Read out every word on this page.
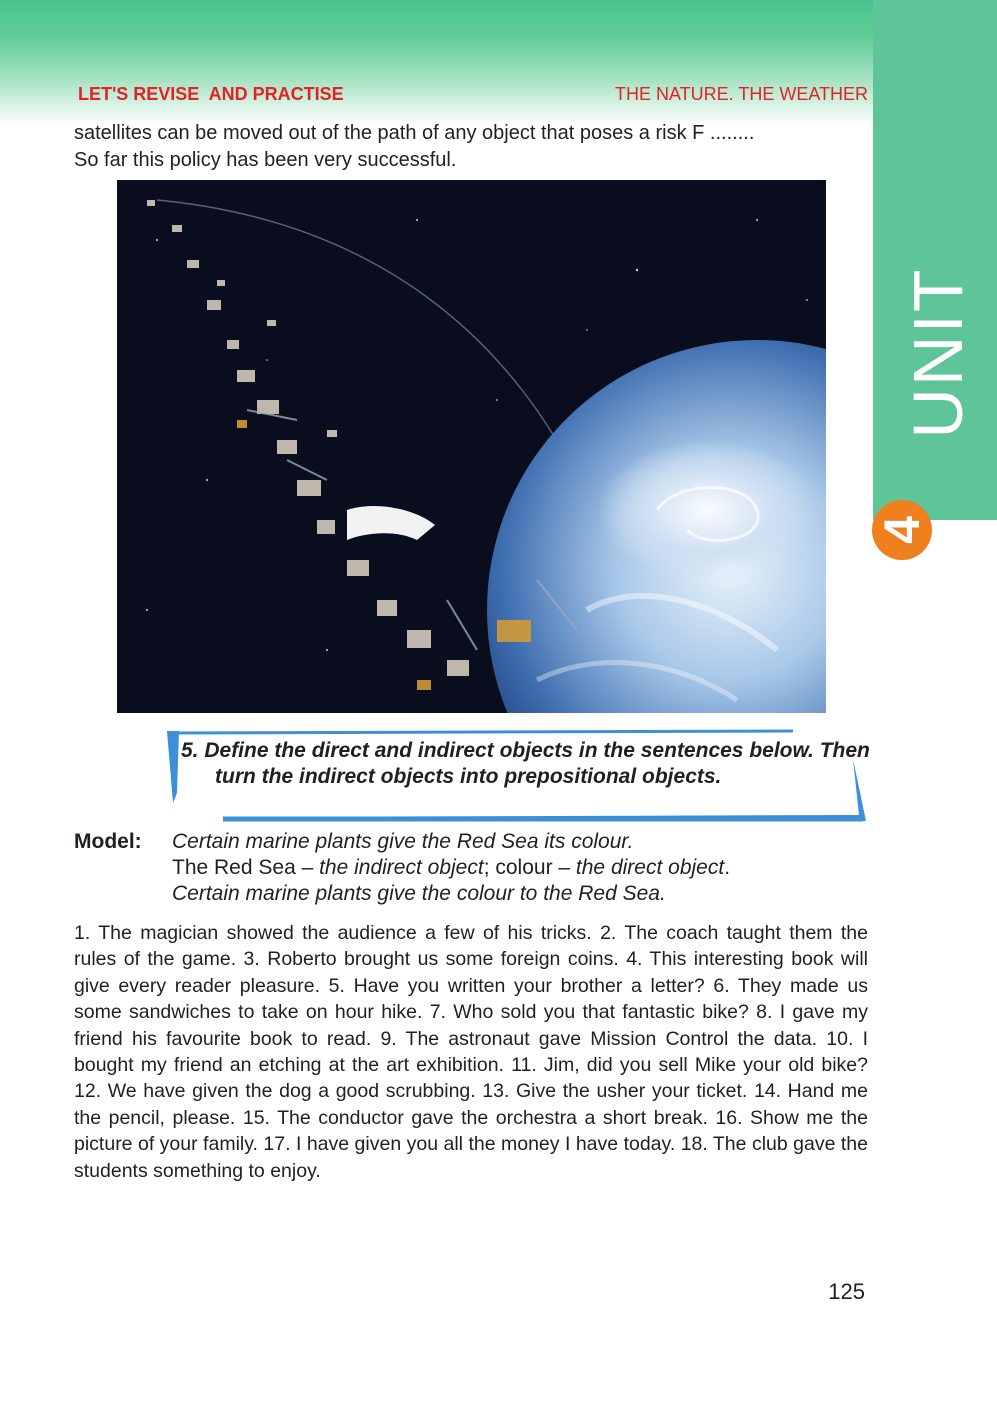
UNIT
4
LET'S REVISE  AND PRACTISE	THE NATURE. THE WEATHER

satellites can be moved out of the path of any object that poses a risk F ........

So far this policy has been very successful.

5. Define the direct and indirect objects in the sentences below. Then turn the indirect objects into prepositional objects.
Model: Certain marine plants give the Red Sea its colour.
The Red Sea – the indirect object; colour – the direct object.
Certain marine plants give the colour to the Red Sea.

1. The magician showed the audience a few of his tricks. 2. The coach taught them the rules of the game. 3. Roberto brought us some foreign coins. 4. This interesting book will give every reader pleasure. 5. Have you written your brother a letter? 6. They made us some sandwiches to take on hour hike. 7. Who sold you that fantastic bike? 8. I gave my friend his favourite book to read. 9. The astronaut gave Mission Control the data. 10. I bought my friend an etching at the art exhibition. 11. Jim, did you sell Mike your old bike? 12. We have given the dog a good scrubbing. 13. Give the usher your ticket. 14. Hand me the pencil, please. 15. The conductor gave the orchestra a short break. 16. Show me the picture of your family. 17. I have given you all the money I have today. 18. The club gave the students something to enjoy.

125
